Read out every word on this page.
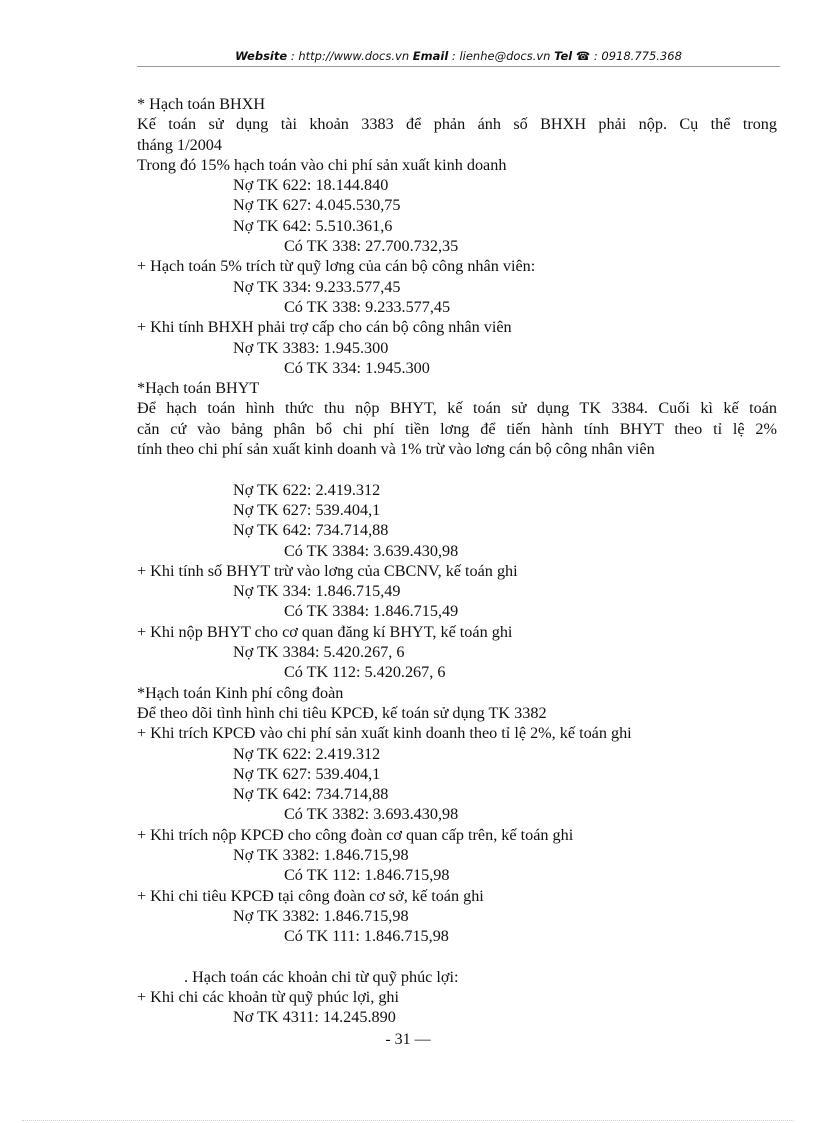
Website : http://www.docs.vn Email : lienhe@docs.vn Tel ☎ : 0918.775.368
* Hạch toán BHXH
Kế toán sử dụng tài khoản 3383 để phản ánh số BHXH phải nộp. Cụ thể trong
tháng 1/2004
Trong đó 15% hạch toán vào chi phí sản xuất kinh doanh
Nợ TK 622: 18.144.840
Nợ TK 627: 4.045.530,75
Nợ TK 642: 5.510.361,6
Có TK 338: 27.700.732,35
+ Hạch toán 5% trích từ quỹ lơng của cán bộ công nhân viên:
Nợ TK 334: 9.233.577,45
Có TK 338: 9.233.577,45
+ Khi tính BHXH phải trợ cấp cho cán bộ công nhân viên
Nợ TK 3383: 1.945.300
Có TK 334: 1.945.300
*Hạch toán BHYT
Để hạch toán hình thức thu nộp BHYT, kế toán sử dụng TK 3384. Cuối kì kế toán
căn cứ vào bảng phân bổ chi phí tiền lơng để tiến hành tính BHYT theo tỉ lệ 2%
tính theo chi phí sản xuất kinh doanh và 1% trừ vào lơng cán bộ công nhân viên
Nợ TK 622: 2.419.312
Nợ TK 627: 539.404,1
Nợ TK 642: 734.714,88
Có TK 3384: 3.639.430,98
+ Khi tính số BHYT trừ vào lơng của CBCNV, kế toán ghi
Nợ TK 334: 1.846.715,49
Có TK 3384: 1.846.715,49
+ Khi nộp BHYT cho cơ quan đăng kí BHYT, kế toán ghi
Nợ TK 3384: 5.420.267, 6
Có TK 112: 5.420.267, 6
*Hạch toán Kinh phí công đoàn
Để theo dõi tình hình chi tiêu KPCĐ, kế toán sử dụng TK 3382
+ Khi trích KPCĐ vào chi phí sản xuất kinh doanh theo tỉ lệ 2%, kế toán ghi
Nợ TK 622: 2.419.312
Nợ TK 627: 539.404,1
Nợ TK 642: 734.714,88
Có TK 3382: 3.693.430,98
+ Khi trích nộp KPCĐ cho công đoàn cơ quan cấp trên, kế toán ghi
Nợ TK 3382: 1.846.715,98
Có TK 112: 1.846.715,98
+ Khi chi tiêu KPCĐ tại công đoàn cơ sở, kế toán ghi
Nợ TK 3382: 1.846.715,98
Có TK 111: 1.846.715,98
. Hạch toán các khoản chi từ quỹ phúc lợi:
+ Khi chi các khoản từ quỹ phúc lợi, ghi
Nơ TK 4311: 14.245.890
- 31 —
